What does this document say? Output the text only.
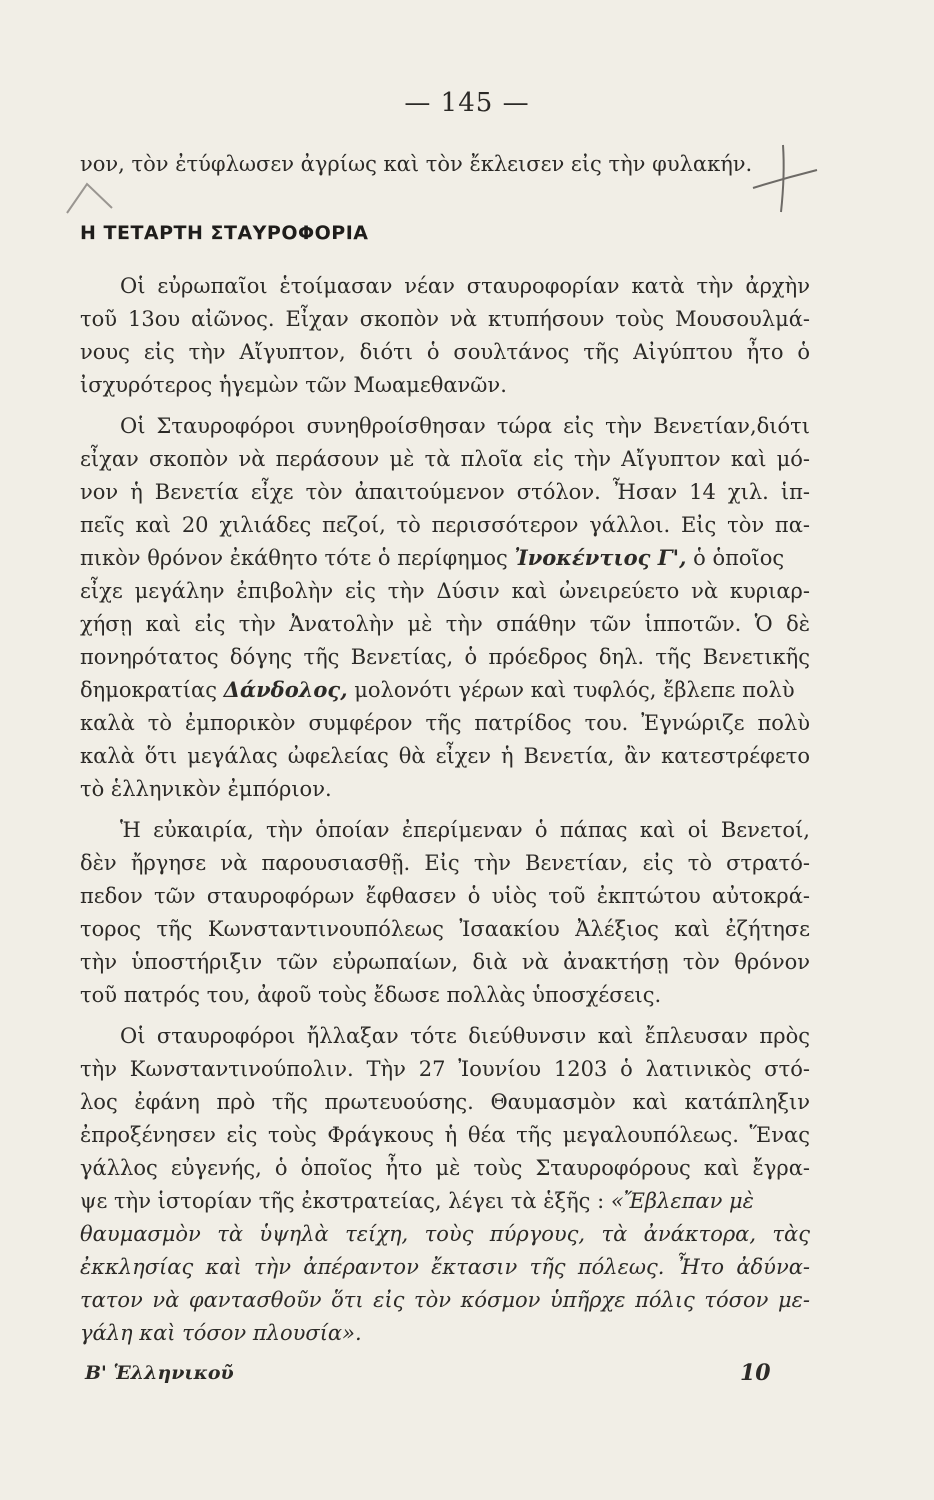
— 145 —
νον, τὸν ἐτύφλωσεν ἀγρίως καὶ τὸν ἔκλεισεν εἰς τὴν φυλακήν.
Η ΤΕΤΑΡΤΗ ΣΤΑΥΡΟΦΟΡΙΑ
Οἱ εὐρωπαῖοι ἑτοίμασαν νέαν σταυροφορίαν κατὰ τὴν ἀρχὴν
τοῦ 13ου αἰῶνος. Εἶχαν σκοπὸν νὰ κτυπήσουν τοὺς Μουσουλμά-
νους εἰς τὴν Αἴγυπτον, διότι ὁ σουλτάνος τῆς Αἰγύπτου ἦτο ὁ
ἰσχυρότερος ἡγεμὼν τῶν Μωαμεθανῶν.
Οἱ Σταυροφόροι συνηθροίσθησαν τώρα εἰς τὴν Βενετίαν,διότι
εἶχαν σκοπὸν νὰ περάσουν μὲ τὰ πλοῖα εἰς τὴν Αἴγυπτον καὶ μό-
νον ἡ Βενετία εἶχε τὸν ἀπαιτούμενον στόλον. Ἦσαν 14 χιλ. ἱπ-
πεῖς καὶ 20 χιλιάδες πεζοί, τὸ περισσότερον γάλλοι. Εἰς τὸν πα-
πικὸν θρόνον ἐκάθητο τότε ὁ περίφημος Ἰνοκέντιος Γ', ὁ ὁποῖος
εἶχε μεγάλην ἐπιβολὴν εἰς τὴν Δύσιν καὶ ὠνειρεύετο νὰ κυριαρ-
χήσῃ καὶ εἰς τὴν Ἀνατολὴν μὲ τὴν σπάθην τῶν ἱπποτῶν. Ὁ δὲ
πονηρότατος δόγης τῆς Βενετίας, ὁ πρόεδρος δηλ. τῆς Βενετικῆς
δημοκρατίας Δάνδολος, μολονότι γέρων καὶ τυφλός, ἔβλεπε πολὺ
καλὰ τὸ ἐμπορικὸν συμφέρον τῆς πατρίδος του. Ἐγνώριζε πολὺ
καλὰ ὅτι μεγάλας ὠφελείας θὰ εἶχεν ἡ Βενετία, ἂν κατεστρέφετο
τὸ ἑλληνικὸν ἐμπόριον.
Ἡ εὐκαιρία, τὴν ὁποίαν ἐπερίμεναν ὁ πάπας καὶ οἱ Βενετοί,
δὲν ἤργησε νὰ παρουσιασθῇ. Εἰς τὴν Βενετίαν, εἰς τὸ στρατό-
πεδον τῶν σταυροφόρων ἔφθασεν ὁ υἱὸς τοῦ ἐκπτώτου αὐτοκρά-
τορος τῆς Κωνσταντινουπόλεως Ἰσαακίου Ἀλέξιος καὶ ἐζήτησε
τὴν ὑποστήριξιν τῶν εὐρωπαίων, διὰ νὰ ἀνακτήσῃ τὸν θρόνον
τοῦ πατρός του, ἀφοῦ τοὺς ἔδωσε πολλὰς ὑποσχέσεις.
Οἱ σταυροφόροι ἤλλαξαν τότε διεύθυνσιν καὶ ἔπλευσαν πρὸς
τὴν Κωνσταντινούπολιν. Τὴν 27 Ἰουνίου 1203 ὁ λατινικὸς στό-
λος ἐφάνη πρὸ τῆς πρωτευούσης. Θαυμασμὸν καὶ κατάπληξιν
ἐπροξένησεν εἰς τοὺς Φράγκους ἡ θέα τῆς μεγαλουπόλεως. Ἕνας
γάλλος εὐγενής, ὁ ὁποῖος ἦτο μὲ τοὺς Σταυροφόρους καὶ ἔγρα-
ψε τὴν ἱστορίαν τῆς ἐκστρατείας, λέγει τὰ ἑξῆς : «Ἔβλεπαν μὲ
θαυμασμὸν τὰ ὑψηλὰ τείχη, τοὺς πύργους, τὰ ἀνάκτορα, τὰς
ἐκκλησίας καὶ τὴν ἀπέραντον ἔκτασιν τῆς πόλεως. Ἦτο ἀδύνα-
τατον νὰ φαντασθοῦν ὅτι εἰς τὸν κόσμον ὑπῆρχε πόλις τόσον με-
γάλη καὶ τόσον πλουσία».
Β' Ἑλληνικοῦ	10
